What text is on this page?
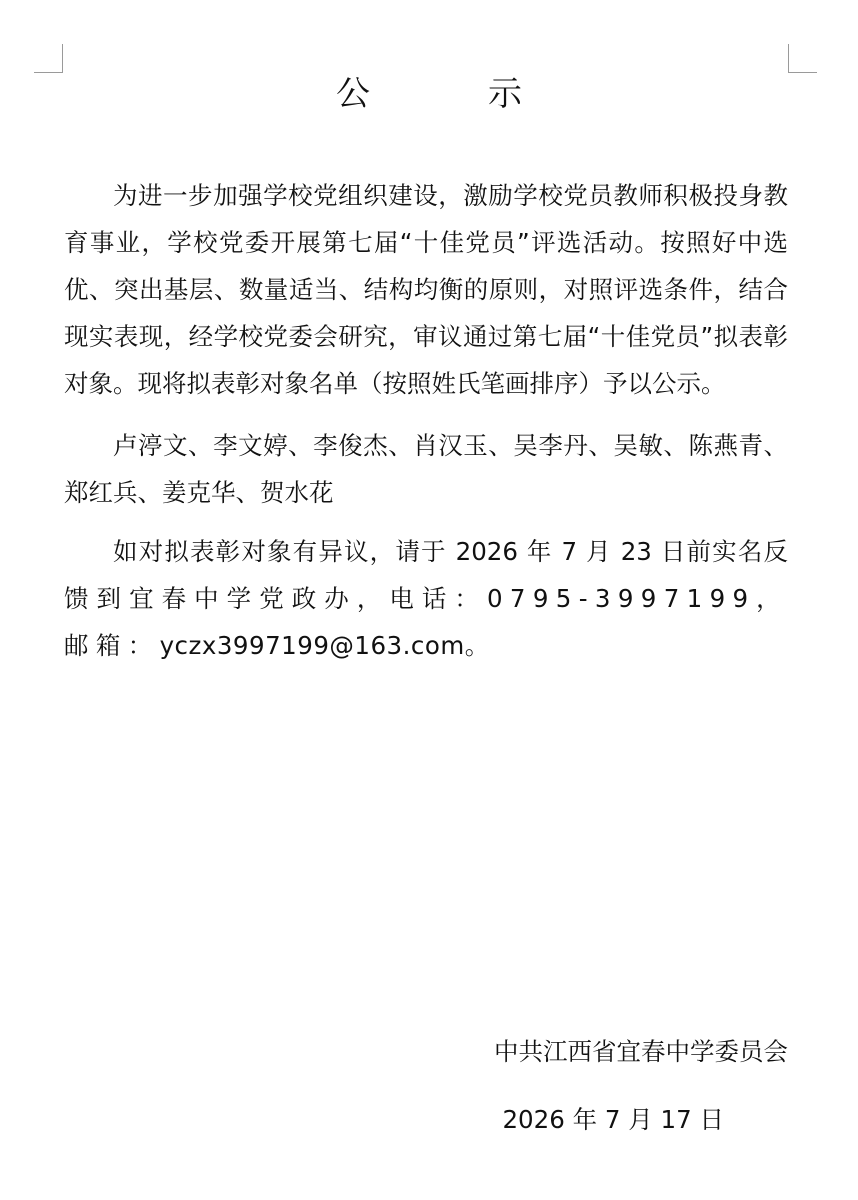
公　示

为进一步加强学校党组织建设，激励学校党员教师积极投身教育事业，学校党委开展第七届“十佳党员”评选活动。按照好中选优、突出基层、数量适当、结构均衡的原则，对照评选条件，结合现实表现，经学校党委会研究，审议通过第七届“十佳党员”拟表彰对象。现将拟表彰对象名单（按照姓氏笔画排序）予以公示。

卢渟文、李文婷、李俊杰、肖汉玉、吴李丹、吴敏、陈燕青、郑红兵、姜克华、贺水花

如对拟表彰对象有异议，请于 2026 年 7 月 23 日前实名反馈到宜春中学党政办，电话：0795-3997199，邮箱：yczx3997199@163.com。

中共江西省宜春中学委员会
2026 年 7 月 17 日
